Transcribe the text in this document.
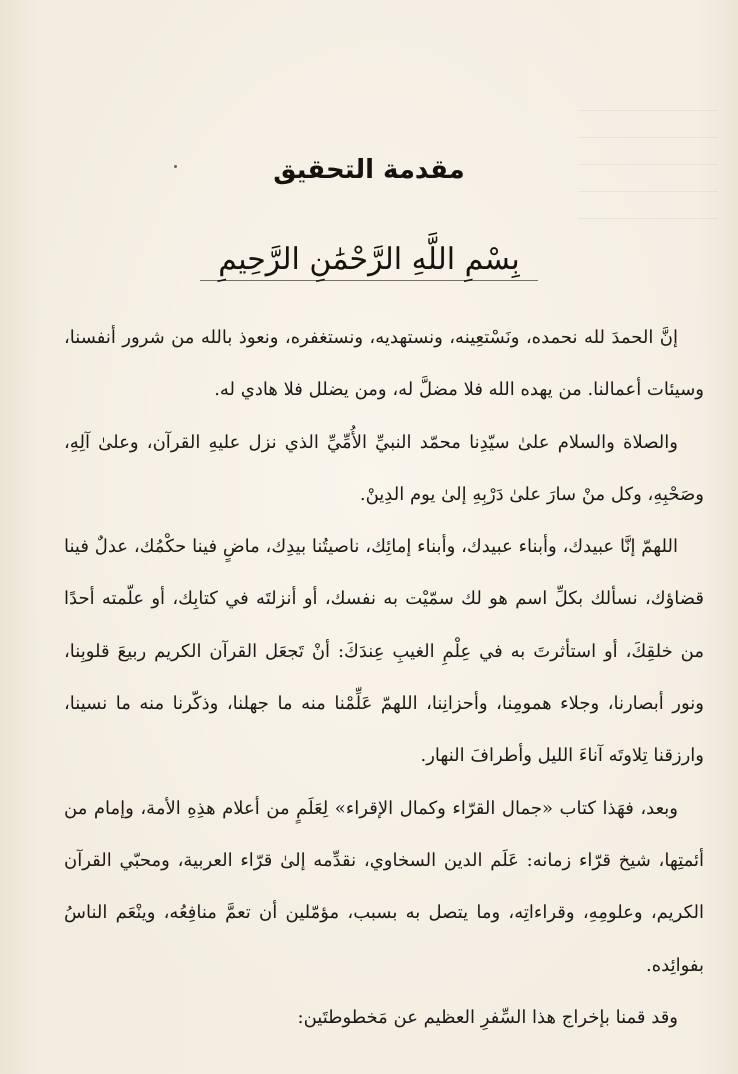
مقدمة التحقيق
بِسْمِ اللَّهِ الرَّحْمَٰنِ الرَّحِيمِ

إنَّ الحمدَ لله نحمده، ونَسْتعِينه، ونستهديه، ونستغفره، ونعوذ بالله من شرور أنفسنا، وسيئات أعمالنا. من يهده الله فلا مضلَّ له، ومن يضلل فلا هادي له.

والصلاة والسلام علىٰ سيّدِنا محمّد النبيِّ الأُمِّيِّ الذي نزل عليهِ القرآن، وعلىٰ آلِهِ، وصَحْبِهِ، وكل منْ سارَ علىٰ دَرْبِهِ إلىٰ يوم الدِينْ.

اللهمّ إنَّا عبيدك، وأبناء عبيدك، وأبناء إمائِك، ناصيتُنا بيدِك، ماضٍ فينا حكْمُك، عدلٌ فينا قضاؤك، نسألك بكلِّ اسم هو لك سمّيْت به نفسك، أو أنزلتَه في كتابِك، أو علّمته أحدًا من خلقِكَ، أو استأثرتَ به في عِلْمِ الغيبِ عِندَكَ: أنْ تَجعَل القرآن الكريم ربيعَ قلوبِنا، ونور أبصارنا، وجلاء همومِنا، وأحزانِنا، اللهمّ عَلِّمْنا منه ما جهلنا، وذكّرنا منه ما نسينا، وارزقنا تِلاوتَه آناءَ الليل وأطرافَ النهار.

وبعد، فهَذا كتاب «جمال القرّاء وكمال الإقراء» لِعَلَمٍ من أعلام هذِهِ الأمة، وإمام من أئمتِها، شيخ قرّاء زمانه: عَلَم الدين السخاوي، نقدِّمه إلىٰ قرّاء العربية، ومحبّي القرآن الكريم، وعلومِهِ، وقراءاتِه، وما يتصل به بسبب، مؤمّلين أن تعمَّ منافِعُه، وينْعَم الناسُ بفوائِده.

وقد قمنا بإخراج هذا السِّفرِ العظيم عن مَخطوطتَين:
